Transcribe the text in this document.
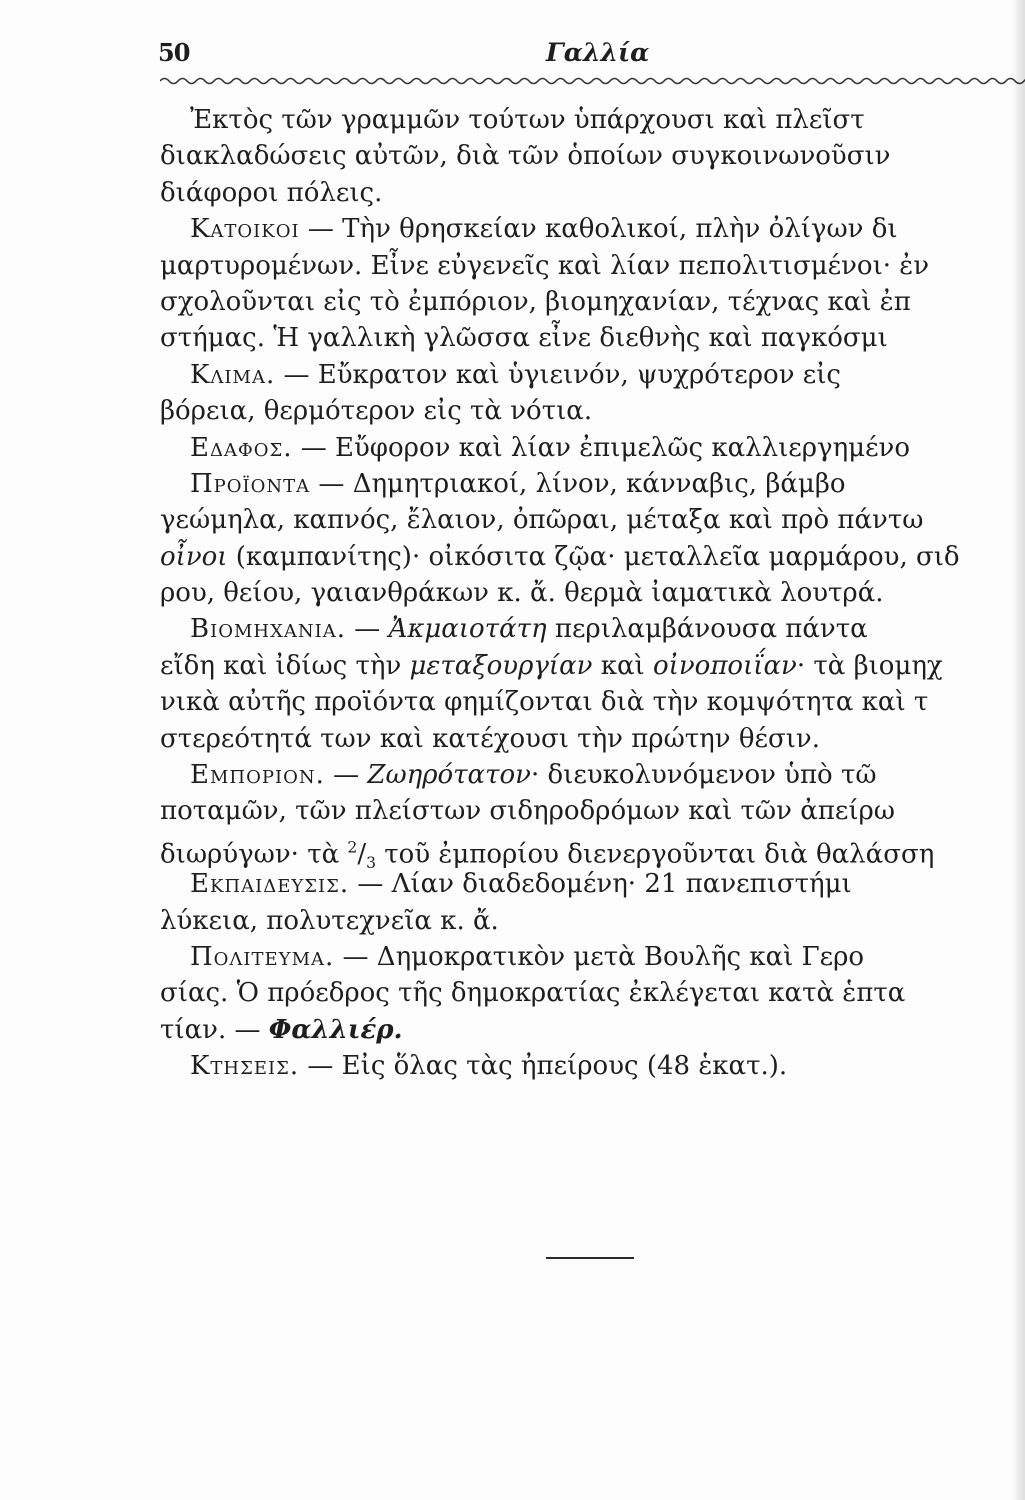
50	Γαλλία
Ἐκτὸς τῶν γραμμῶν τούτων ὑπάρχουσι καὶ πλεῖστ
διακλαδώσεις αὐτῶν, διὰ τῶν ὁποίων συγκοινωνοῦσιν
διάφοροι πόλεις.
Κατοικοι — Τὴν θρησκείαν καθολικοί, πλὴν ὀλίγων δι
μαρτυρομένων. Εἶνε εὐγενεῖς καὶ λίαν πεπολιτισμένοι· ἐν
σχολοῦνται εἰς τὸ ἐμπόριον, βιομηχανίαν, τέχνας καὶ ἐπ
στήμας. Ἡ γαλλικὴ γλῶσσα εἶνε διεθνὴς καὶ παγκόσμι
Κλιμα. — Εὔκρατον καὶ ὑγιεινόν, ψυχρότερον εἰς
βόρεια, θερμότερον εἰς τὰ νότια.
Εδαφος. — Εὔφορον καὶ λίαν ἐπιμελῶς καλλιεργημένο
Προϊοντα — Δημητριακοί, λίνον, κάνναβις, βάμβο
γεώμηλα, καπνός, ἔλαιον, ὀπῶραι, μέταξα καὶ πρὸ πάντω
οἶνοι (καμπανίτης)· οἰκόσιτα ζῷα· μεταλλεῖα μαρμάρου, σιδ
ρου, θείου, γαιανθράκων κ. ἄ. θερμὰ ἰαματικὰ λουτρά.
Βιομηχανια. — Ἀκμαιοτάτη περιλαμβάνουσα πάντα
εἴδη καὶ ἰδίως τὴν μεταξουργίαν καὶ οἰνοποιΐαν· τὰ βιομηχ
νικὰ αὐτῆς προϊόντα φημίζονται διὰ τὴν κομψότητα καὶ τ
στερεότητά των καὶ κατέχουσι τὴν πρώτην θέσιν.
Εμποριον. — Ζωηρότατον· διευκολυνόμενον ὑπὸ τῶ
ποταμῶν, τῶν πλείστων σιδηροδρόμων καὶ τῶν ἀπείρω
διωρύγων· τὰ $^2/_3$ τοῦ ἐμπορίου διενεργοῦνται διὰ θαλάσση
Εκπαιδευσις. — Λίαν διαδεδομένη· 21 πανεπιστήμι
λύκεια, πολυτεχνεῖα κ. ἄ.
Πολιτευμα. — Δημοκρατικὸν μετὰ Βουλῆς καὶ Γερο
σίας. Ὁ πρόεδρος τῆς δημοκρατίας ἐκλέγεται κατὰ ἑπτα
τίαν. — Φαλλιέρ.
Κτησεις. — Εἰς ὅλας τὰς ἠπείρους (48 ἑκατ.).
